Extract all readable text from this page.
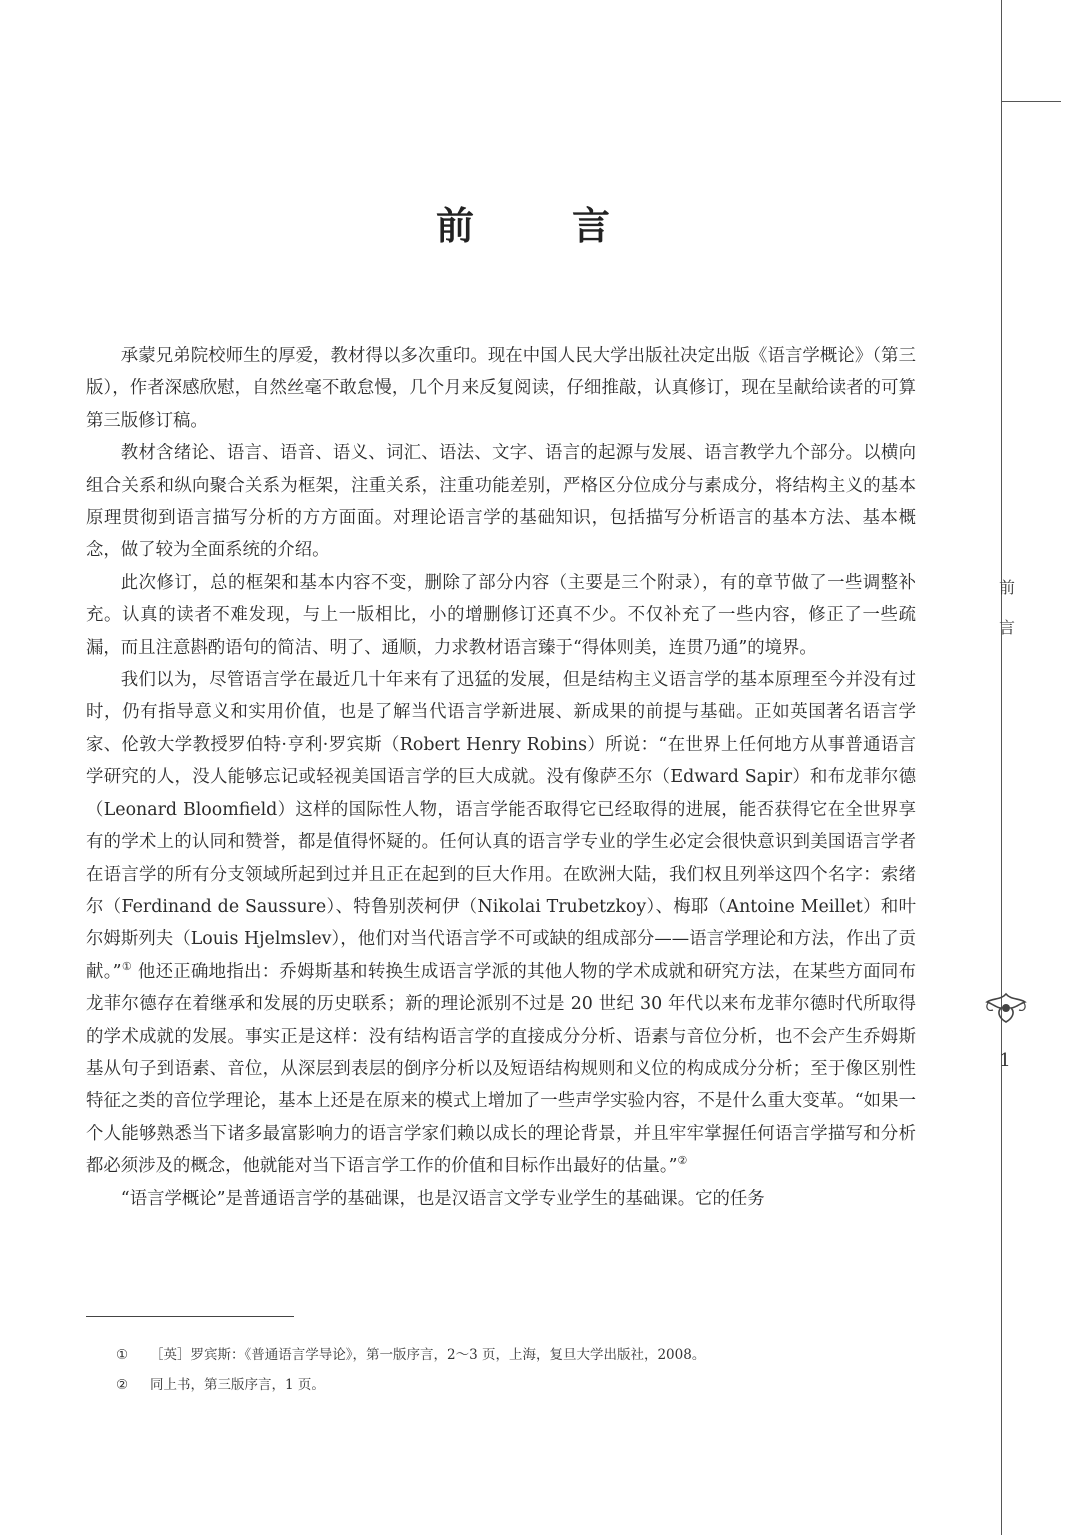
前
言
1
前　言

承蒙兄弟院校师生的厚爱，教材得以多次重印。现在中国人民大学出版社决定出版《语言学概论》（第三版），作者深感欣慰，自然丝毫不敢怠慢，几个月来反复阅读，仔细推敲，认真修订，现在呈献给读者的可算第三版修订稿。

教材含绪论、语言、语音、语义、词汇、语法、文字、语言的起源与发展、语言教学九个部分。以横向组合关系和纵向聚合关系为框架，注重关系，注重功能差别，严格区分位成分与素成分，将结构主义的基本原理贯彻到语言描写分析的方方面面。对理论语言学的基础知识，包括描写分析语言的基本方法、基本概念，做了较为全面系统的介绍。

此次修订，总的框架和基本内容不变，删除了部分内容（主要是三个附录），有的章节做了一些调整补充。认真的读者不难发现，与上一版相比，小的增删修订还真不少。不仅补充了一些内容，修正了一些疏漏，而且注意斟酌语句的简洁、明了、通顺，力求教材语言臻于“得体则美，连贯乃通”的境界。

我们以为，尽管语言学在最近几十年来有了迅猛的发展，但是结构主义语言学的基本原理至今并没有过时，仍有指导意义和实用价值，也是了解当代语言学新进展、新成果的前提与基础。正如英国著名语言学家、伦敦大学教授罗伯特·亨利·罗宾斯（Robert Henry Robins）所说：“在世界上任何地方从事普通语言学研究的人，没人能够忘记或轻视美国语言学的巨大成就。没有像萨丕尔（Edward Sapir）和布龙菲尔德（Leonard Bloomfield）这样的国际性人物，语言学能否取得它已经取得的进展，能否获得它在全世界享有的学术上的认同和赞誉，都是值得怀疑的。任何认真的语言学专业的学生必定会很快意识到美国语言学者在语言学的所有分支领域所起到过并且正在起到的巨大作用。在欧洲大陆，我们权且列举这四个名字：索绪尔（Ferdinand de Saussure）、特鲁别茨柯伊（Nikolai Trubetzkoy）、梅耶（Antoine Meillet）和叶尔姆斯列夫（Louis Hjelmslev），他们对当代语言学不可或缺的组成部分——语言学理论和方法，作出了贡献。”① 他还正确地指出：乔姆斯基和转换生成语言学派的其他人物的学术成就和研究方法，在某些方面同布龙菲尔德存在着继承和发展的历史联系；新的理论派别不过是 20 世纪 30 年代以来布龙菲尔德时代所取得的学术成就的发展。事实正是这样：没有结构语言学的直接成分分析、语素与音位分析，也不会产生乔姆斯基从句子到语素、音位，从深层到表层的倒序分析以及短语结构规则和义位的构成成分分析；至于像区别性特征之类的音位学理论，基本上还是在原来的模式上增加了一些声学实验内容，不是什么重大变革。“如果一个人能够熟悉当下诸多最富影响力的语言学家们赖以成长的理论背景，并且牢牢掌握任何语言学描写和分析都必须涉及的概念，他就能对当下语言学工作的价值和目标作出最好的估量。”②

“语言学概论”是普通语言学的基础课，也是汉语言文学专业学生的基础课。它的任务

①	［英］罗宾斯：《普通语言学导论》，第一版序言，2～3 页，上海，复旦大学出版社，2008。
②	同上书，第三版序言，1 页。
